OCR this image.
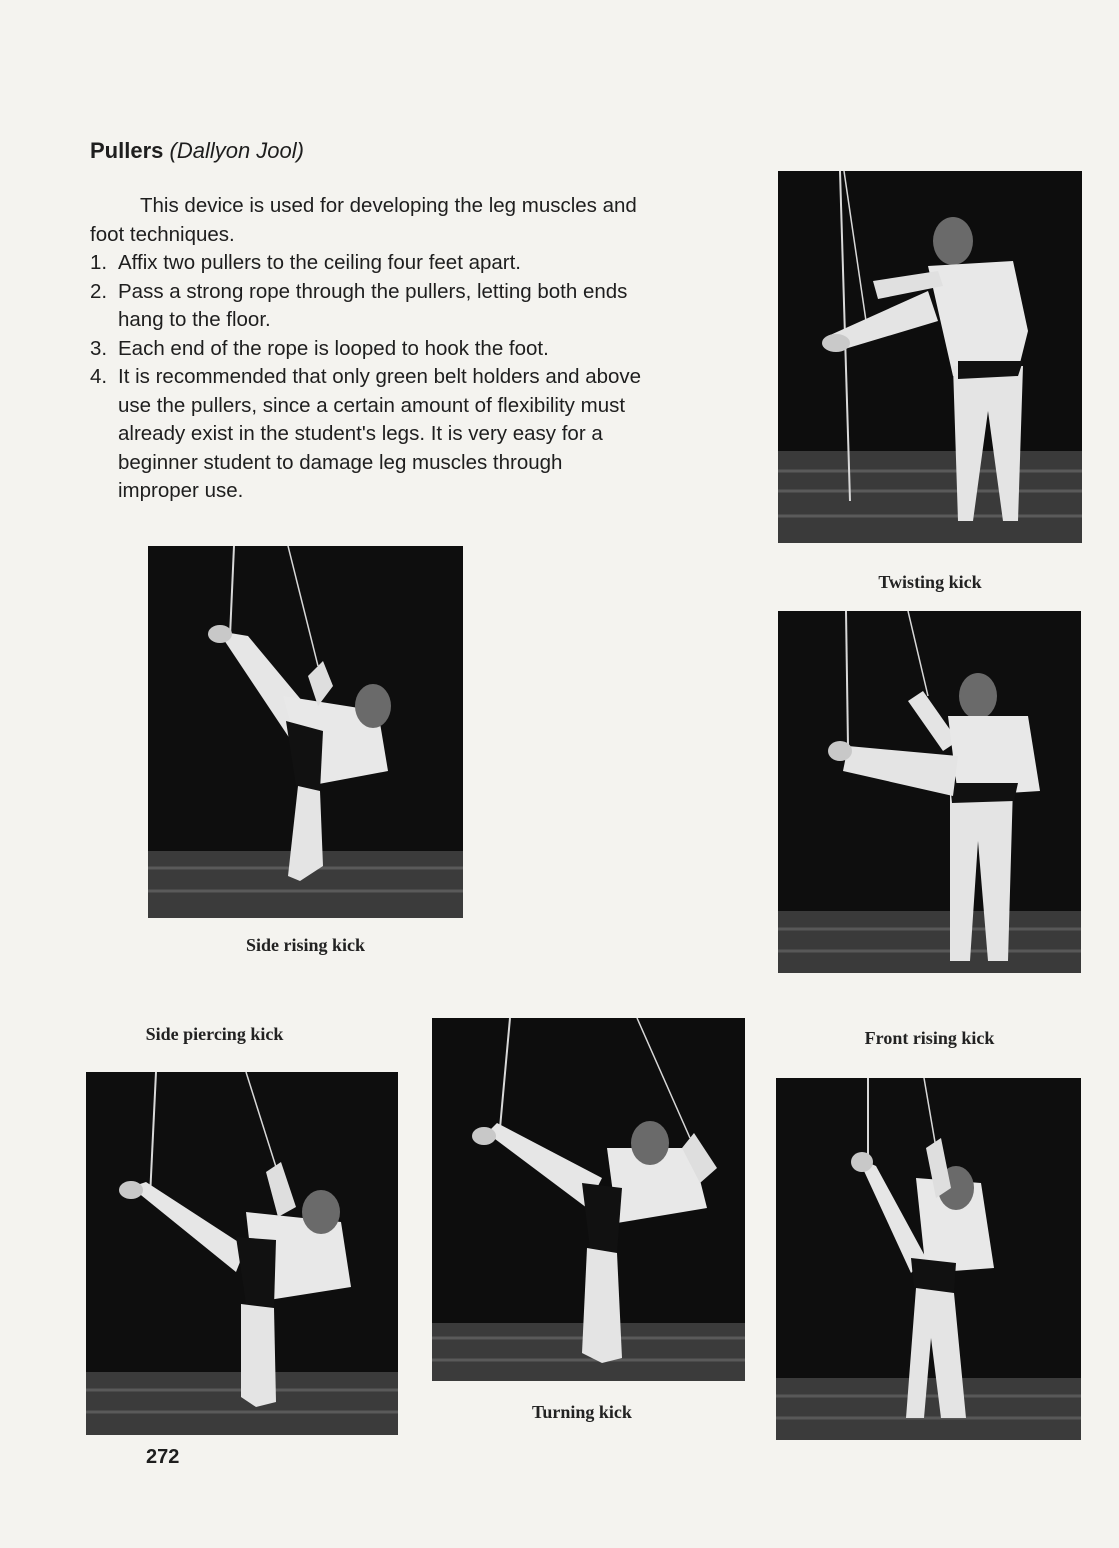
Pullers (Dallyon Jool)

This device is used for developing the leg muscles and foot techniques.

1. Affix two pullers to the ceiling four feet apart.
2. Pass a strong rope through the pullers, letting both ends hang to the floor.
3. Each end of the rope is looped to hook the foot.
4. It is recommended that only green belt holders and above use the pullers, since a certain amount of flexibility must already exist in the student's legs. It is very easy for a beginner student to damage leg muscles through improper use.
Twisting kick
Side rising kick
Front rising kick
Side piercing kick
Turning kick
272
